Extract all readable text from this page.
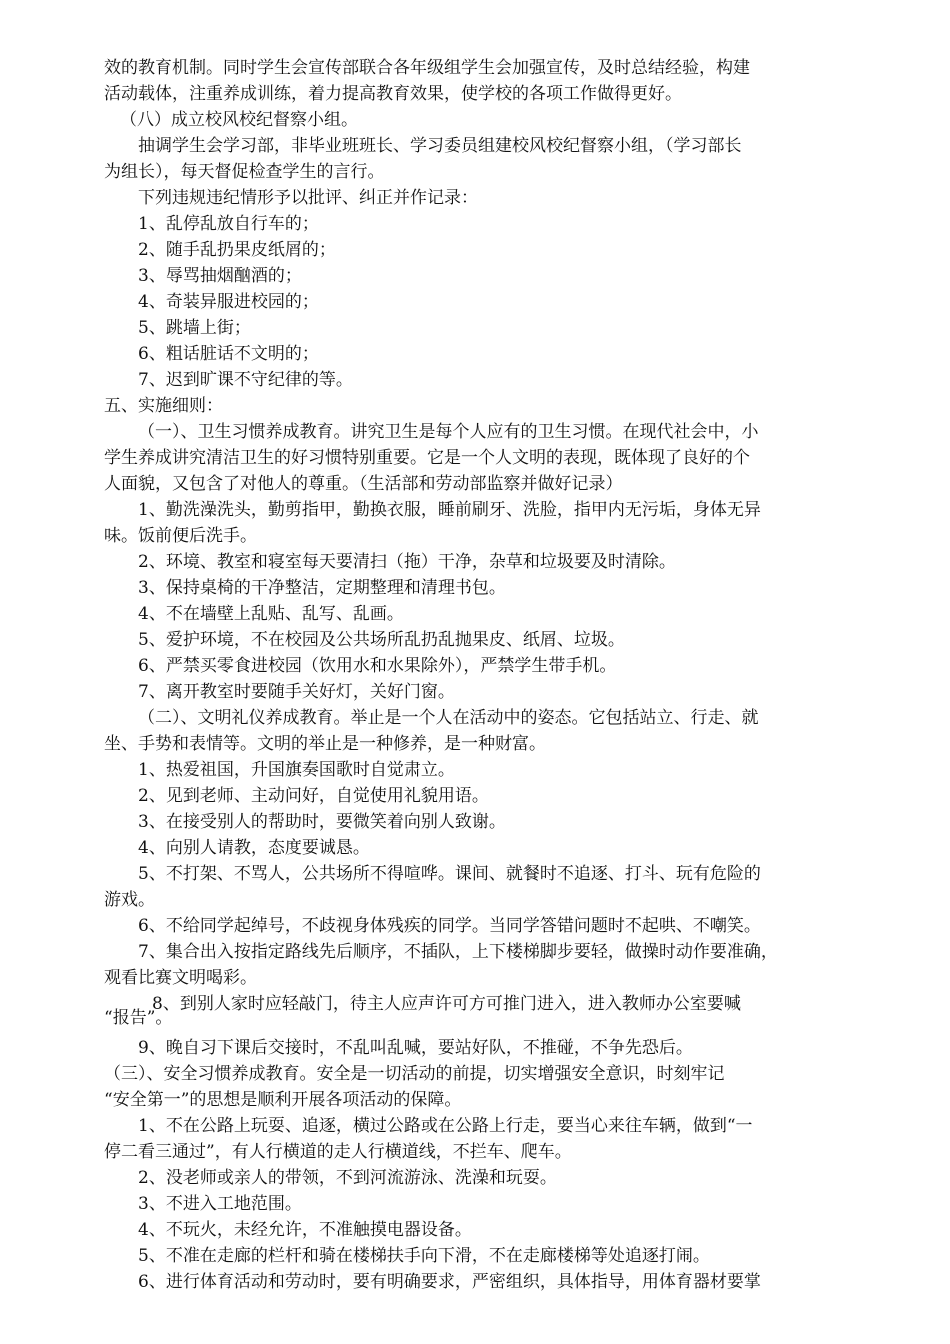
效的教育机制。同时学生会宣传部联合各年级组学生会加强宣传，及时总结经验，构建
活动载体，注重养成训练，着力提高教育效果，使学校的各项工作做得更好。
（八）成立校风校纪督察小组。
抽调学生会学习部，非毕业班班长、学习委员组建校风校纪督察小组，（学习部长
为组长），每天督促检查学生的言行。
下列违规违纪情形予以批评、纠正并作记录：
1、乱停乱放自行车的；
2、随手乱扔果皮纸屑的；
3、辱骂抽烟酗酒的；
4、奇装异服进校园的；
5、跳墙上街；
6、粗话脏话不文明的；
7、迟到旷课不守纪律的等。
五、实施细则：
（一）、卫生习惯养成教育。讲究卫生是每个人应有的卫生习惯。在现代社会中，小
学生养成讲究清洁卫生的好习惯特别重要。它是一个人文明的表现，既体现了良好的个
人面貌，又包含了对他人的尊重。（生活部和劳动部监察并做好记录）
1、勤洗澡洗头，勤剪指甲，勤换衣服，睡前刷牙、洗脸，指甲内无污垢，身体无异
味。饭前便后洗手。
2、环境、教室和寝室每天要清扫（拖）干净，杂草和垃圾要及时清除。
3、保持桌椅的干净整洁，定期整理和清理书包。
4、不在墙壁上乱贴、乱写、乱画。
5、爱护环境，不在校园及公共场所乱扔乱抛果皮、纸屑、垃圾。
6、严禁买零食进校园（饮用水和水果除外），严禁学生带手机。
7、离开教室时要随手关好灯，关好门窗。
（二）、文明礼仪养成教育。举止是一个人在活动中的姿态。它包括站立、行走、就
坐、手势和表情等。文明的举止是一种修养，是一种财富。
1、热爱祖国，升国旗奏国歌时自觉肃立。
2、见到老师、主动问好，自觉使用礼貌用语。
3、在接受别人的帮助时，要微笑着向别人致谢。
4、向别人请教，态度要诚恳。
5、不打架、不骂人，公共场所不得喧哗。课间、就餐时不追逐、打斗、玩有危险的
游戏。
6、不给同学起绰号，不歧视身体残疾的同学。当同学答错问题时不起哄、不嘲笑。
7、集合出入按指定路线先后顺序，不插队，上下楼梯脚步要轻，做操时动作要准确，
观看比赛文明喝彩。
8、到别人家时应轻敲门，待主人应声许可方可推门进入，进入教师办公室要喊
“报告”。
9、晚自习下课后交接时，不乱叫乱喊，要站好队，不推碰，不争先恐后。
（三）、安全习惯养成教育。安全是一切活动的前提，切实增强安全意识，时刻牢记
“安全第一”的思想是顺利开展各项活动的保障。
1、不在公路上玩耍、追逐，横过公路或在公路上行走，要当心来往车辆，做到“一
停二看三通过”，有人行横道的走人行横道线，不拦车、爬车。
2、没老师或亲人的带领，不到河流游泳、洗澡和玩耍。
3、不进入工地范围。
4、不玩火，未经允许，不准触摸电器设备。
5、不准在走廊的栏杆和骑在楼梯扶手向下滑，不在走廊楼梯等处追逐打闹。
6、进行体育活动和劳动时，要有明确要求，严密组织，具体指导，用体育器材要掌
